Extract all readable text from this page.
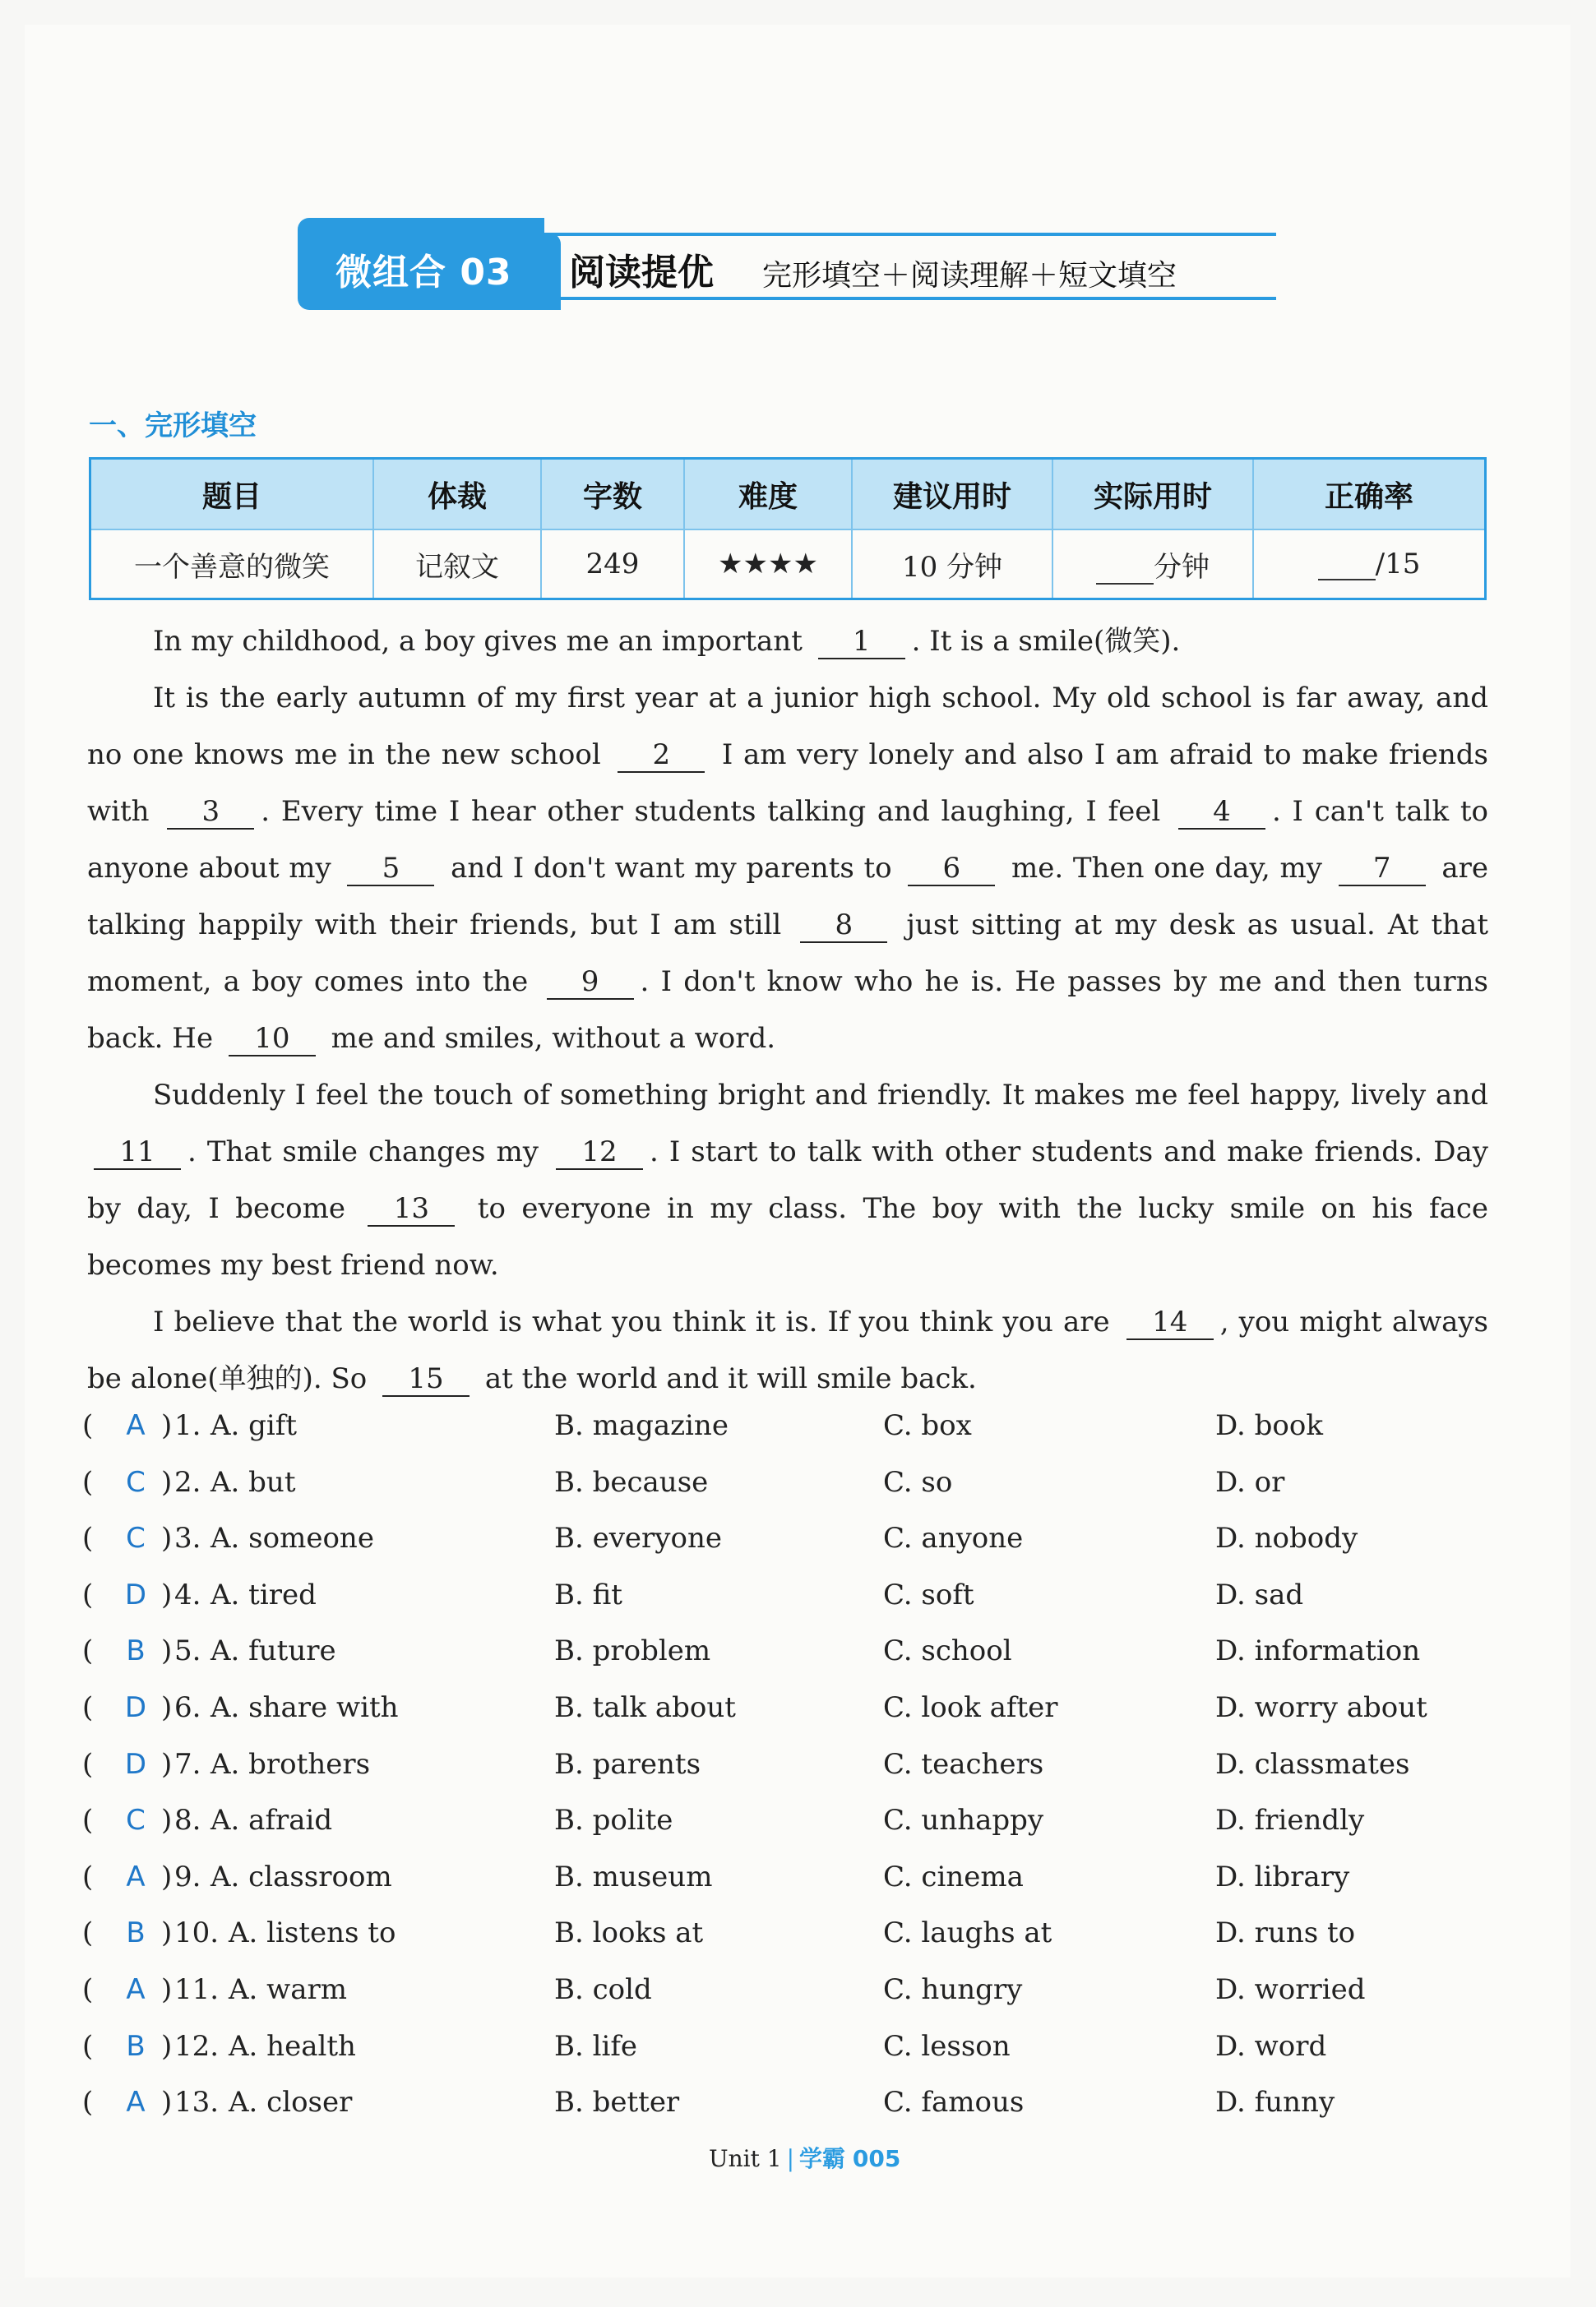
微组合 03 阅读提优 完形填空＋阅读理解＋短文填空
一、完形填空
题目	体裁	字数	难度	建议用时	实际用时	正确率
一个善意的微笑	记叙文	249	★★★★	10 分钟	分钟	/15

In my childhood, a boy gives me an important 1 . It is a smile(微笑).

It is the early autumn of my first year at a junior high school. My old school is far away, and no one knows me in the new school 2 I am very lonely and also I am afraid to make friends with 3 . Every time I hear other students talking and laughing, I feel 4 . I can't talk to anyone about my 5 and I don't want my parents to 6 me. Then one day, my 7 are talking happily with their friends, but I am still 8 just sitting at my desk as usual. At that moment, a boy comes into the 9 . I don't know who he is. He passes by me and then turns back. He 10 me and smiles, without a word.

Suddenly I feel the touch of something bright and friendly. It makes me feel happy, lively and 11 . That smile changes my 12 . I start to talk with other students and make friends. Day by day, I become 13 to everyone in my class. The boy with the lucky smile on his face becomes my best friend now.

I believe that the world is what you think it is. If you think you are 14 , you might always be alone(单独的). So 15 at the world and it will smile back.

( A ) 1. A. gift	B. magazine	C. box	D. book
( C ) 2. A. but	B. because	C. so	D. or
( C ) 3. A. someone	B. everyone	C. anyone	D. nobody
( D ) 4. A. tired	B. fit	C. soft	D. sad
( B ) 5. A. future	B. problem	C. school	D. information
( D ) 6. A. share with	B. talk about	C. look after	D. worry about
( D ) 7. A. brothers	B. parents	C. teachers	D. classmates
( C ) 8. A. afraid	B. polite	C. unhappy	D. friendly
( A ) 9. A. classroom	B. museum	C. cinema	D. library
( B ) 10. A. listens to	B. looks at	C. laughs at	D. runs to
( A ) 11. A. warm	B. cold	C. hungry	D. worried
( B ) 12. A. health	B. life	C. lesson	D. word
( A ) 13. A. closer	B. better	C. famous	D. funny
Unit 1 | 学霸 005
